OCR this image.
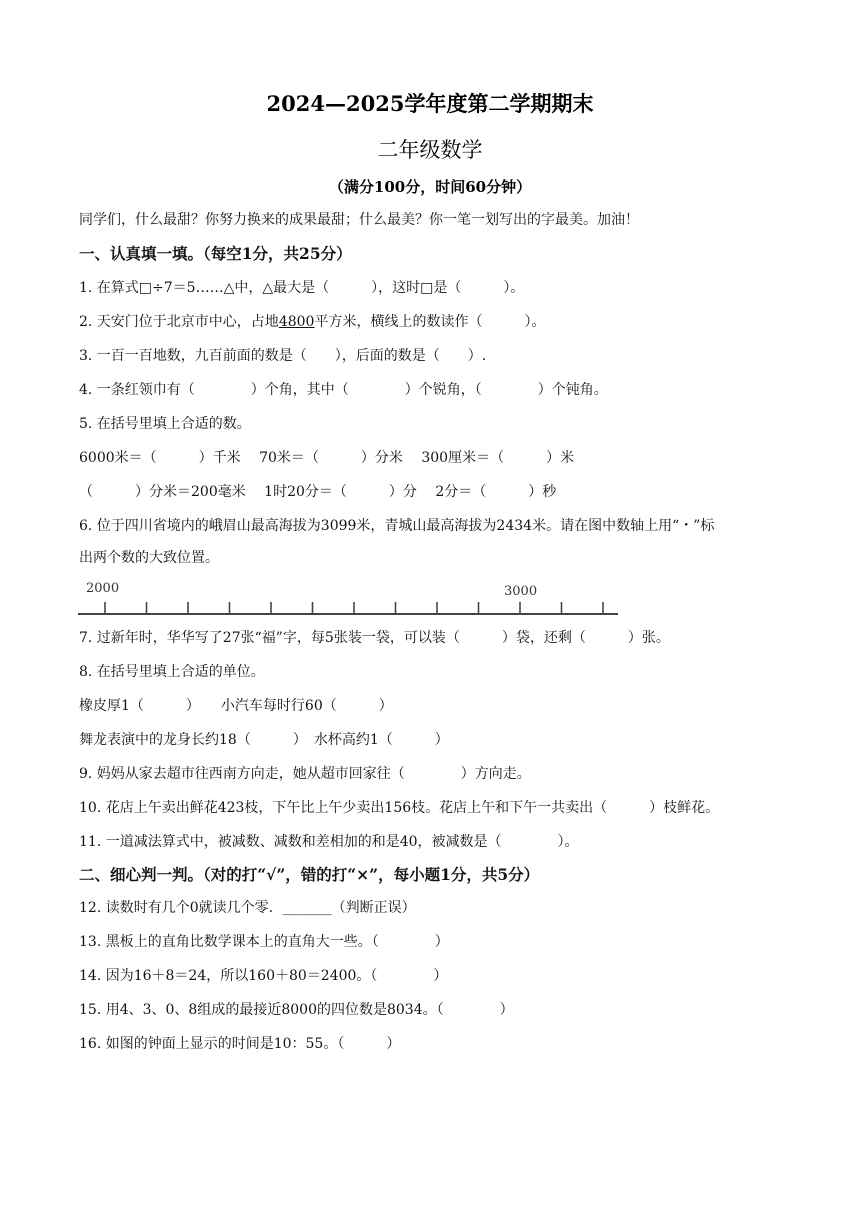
2024—2025学年度第二学期期末
二年级数学
（满分100分，时间60分钟）
同学们，什么最甜？你努力换来的成果最甜；什么最美？你一笔一划写出的字最美。加油！
一、认真填一填。（每空1分，共25分）
1. 在算式□÷7＝5……△中，△最大是（　　　），这时□是（　　　）。
2. 天安门位于北京市中心，占地4800平方米，横线上的数读作（　　　）。
3. 一百一百地数，九百前面的数是（　　），后面的数是（　　）.
4. 一条红领巾有（　　　　）个角，其中（　　　　）个锐角，（　　　　）个钝角。
5. 在括号里填上合适的数。
6000米＝（　　　）千米　 70米＝（　　　）分米　 300厘米＝（　　　）米
（　　　）分米＝200毫米　 1时20分＝（　　　）分　 2分＝（　　　）秒
6. 位于四川省境内的峨眉山最高海拔为3099米，青城山最高海拔为2434米。请在图中数轴上用“・”标
出两个数的大致位置。
2000	3000
7. 过新年时，华华写了27张“福”字，每5张装一袋，可以装（　　　）袋，还剩（　　　）张。
8. 在括号里填上合适的单位。
橡皮厚1（　　　）　　小汽车每时行60（　　　）
舞龙表演中的龙身长约18（　　　）　水杯高约1（　　　）
9. 妈妈从家去超市往西南方向走，她从超市回家往（　　　　）方向走。
10. 花店上午卖出鲜花423枝，下午比上午少卖出156枝。花店上午和下午一共卖出（　　　）枝鲜花。
11. 一道减法算式中，被减数、减数和差相加的和是40，被减数是（　　　　）。
二、细心判一判。（对的打“√”，错的打“×”，每小题1分，共5分）
12. 读数时有几个0就读几个零．_______（判断正误）
13. 黑板上的直角比数学课本上的直角大一些。（　　　　）
14. 因为16＋8＝24，所以160＋80＝2400。（　　　　）
15. 用4、3、0、8组成的最接近8000的四位数是8034。（　　　　）
16. 如图的钟面上显示的时间是10：55。（　　　）
